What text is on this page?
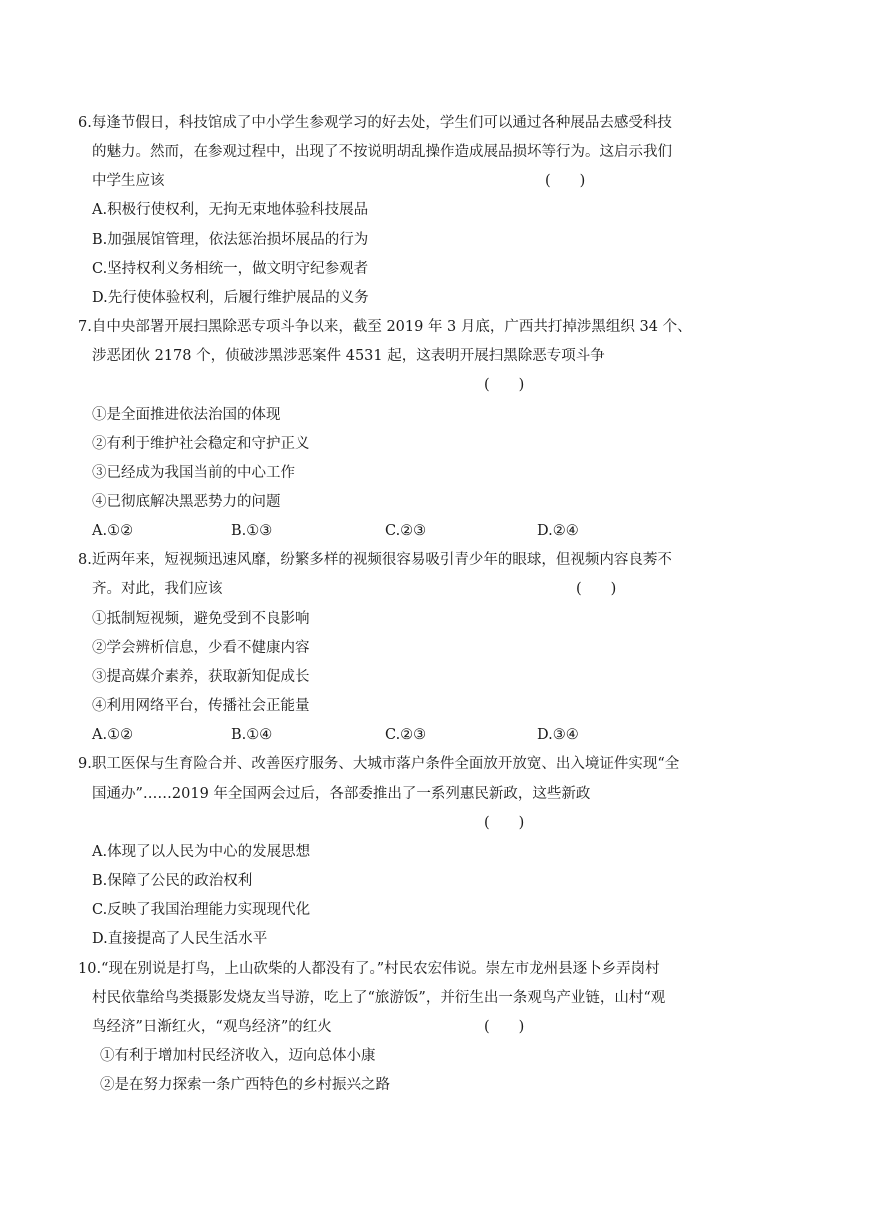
6.每逢节假日，科技馆成了中小学生参观学习的好去处，学生们可以通过各种展品去感受科技
的魅力。然而，在参观过程中，出现了不按说明胡乱操作造成展品损坏等行为。这启示我们
中学生应该	(　　)
A.积极行使权利，无拘无束地体验科技展品
B.加强展馆管理，依法惩治损坏展品的行为
C.坚持权利义务相统一，做文明守纪参观者
D.先行使体验权利，后履行维护展品的义务
7.自中央部署开展扫黑除恶专项斗争以来，截至 2019 年 3 月底，广西共打掉涉黑组织 34 个、
涉恶团伙 2178 个，侦破涉黑涉恶案件 4531 起，这表明开展扫黑除恶专项斗争
(　　)
①是全面推进依法治国的体现
②有利于维护社会稳定和守护正义
③已经成为我国当前的中心工作
④已彻底解决黑恶势力的问题
A.①②	B.①③	C.②③	D.②④
8.近两年来，短视频迅速风靡，纷繁多样的视频很容易吸引青少年的眼球，但视频内容良莠不
齐。对此，我们应该	(　　)
①抵制短视频，避免受到不良影响
②学会辨析信息，少看不健康内容
③提高媒介素养，获取新知促成长
④利用网络平台，传播社会正能量
A.①②	B.①④	C.②③	D.③④
9.职工医保与生育险合并、改善医疗服务、大城市落户条件全面放开放宽、出入境证件实现“全
国通办”……2019 年全国两会过后，各部委推出了一系列惠民新政，这些新政
(　　)
A.体现了以人民为中心的发展思想
B.保障了公民的政治权利
C.反映了我国治理能力实现现代化
D.直接提高了人民生活水平
10.“现在别说是打鸟，上山砍柴的人都没有了。”村民农宏伟说。崇左市龙州县逐卜乡弄岗村
村民依靠给鸟类摄影发烧友当导游，吃上了“旅游饭”，并衍生出一条观鸟产业链，山村“观
鸟经济”日渐红火，“观鸟经济”的红火	(　　)
①有利于增加村民经济收入，迈向总体小康
②是在努力探索一条广西特色的乡村振兴之路
